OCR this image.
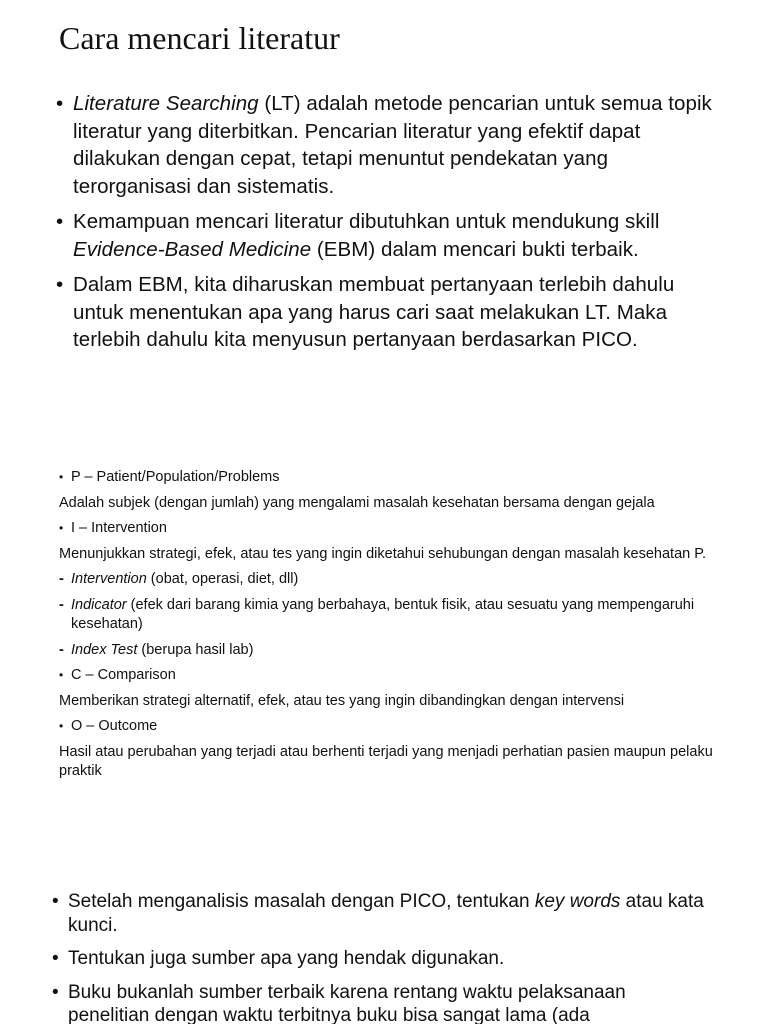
Cara mencari literatur
• Literature Searching (LT) adalah metode pencarian untuk semua topik literatur yang diterbitkan. Pencarian literatur yang efektif dapat dilakukan dengan cepat, tetapi menuntut pendekatan yang terorganisasi dan sistematis.
• Kemampuan mencari literatur dibutuhkan untuk mendukung skill Evidence-Based Medicine (EBM) dalam mencari bukti terbaik.
• Dalam EBM, kita diharuskan membuat pertanyaan terlebih dahulu untuk menentukan apa yang harus cari saat melakukan LT. Maka terlebih dahulu kita menyusun pertanyaan berdasarkan PICO.
• P – Patient/Population/Problems
Adalah subjek (dengan jumlah) yang mengalami masalah kesehatan bersama dengan gejala
• I – Intervention
Menunjukkan strategi, efek, atau tes yang ingin diketahui sehubungan dengan masalah kesehatan P.
- Intervention (obat, operasi, diet, dll)
- Indicator (efek dari barang kimia yang berbahaya, bentuk fisik, atau sesuatu yang mempengaruhi kesehatan)
- Index Test (berupa hasil lab)
• C – Comparison
Memberikan strategi alternatif, efek, atau tes yang ingin dibandingkan dengan intervensi
• O – Outcome
Hasil atau perubahan yang terjadi atau berhenti terjadi yang menjadi perhatian pasien maupun pelaku praktik
• Setelah menganalisis masalah dengan PICO, tentukan key words atau kata kunci.
• Tentukan juga sumber apa yang hendak digunakan.
• Buku bukanlah sumber terbaik karena rentang waktu pelaksanaan penelitian dengan waktu terbitnya buku bisa sangat lama (ada
